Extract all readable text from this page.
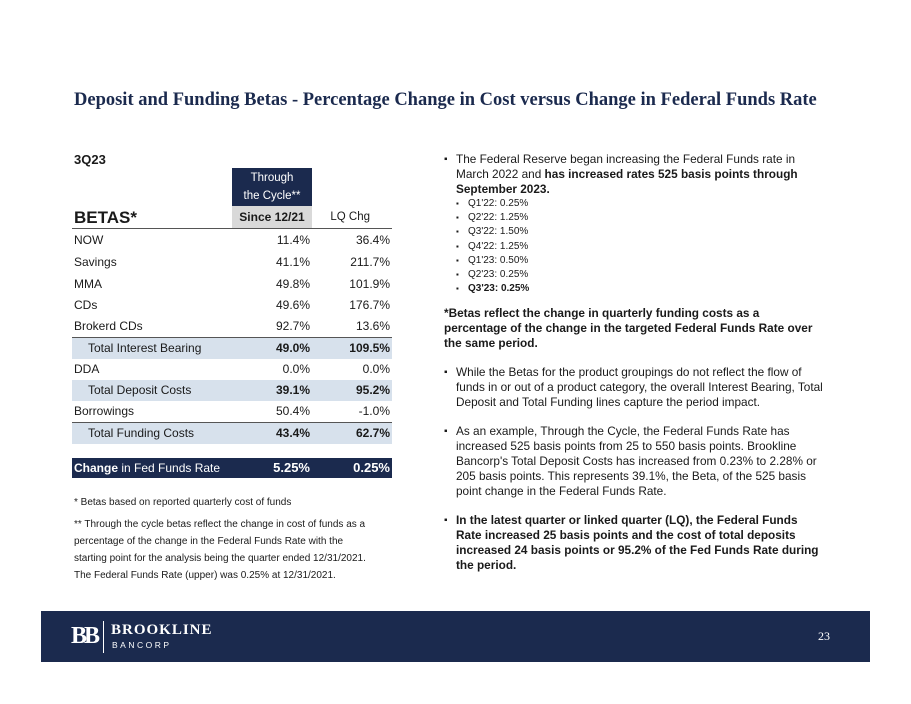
Deposit and Funding Betas - Percentage Change in Cost versus Change in Federal Funds Rate
3Q23
Through
the Cycle**
BETAS*	Since 12/21	LQ Chg
NOW	11.4%	36.4%
Savings	41.1%	211.7%
MMA	49.8%	101.9%
CDs	49.6%	176.7%
Brokerd CDs	92.7%	13.6%
Total Interest Bearing	49.0%	109.5%
DDA	0.0%	0.0%
Total Deposit Costs	39.1%	95.2%
Borrowings	50.4%	-1.0%
Total Funding Costs	43.4%	62.7%
Change in Fed Funds Rate	5.25%	0.25%
* Betas based on reported quarterly cost of funds
** Through the cycle betas reflect the change in cost of funds as a
percentage of the change in the Federal Funds Rate with the
starting point for the analysis being the quarter ended 12/31/2021.
The Federal Funds Rate (upper) was 0.25% at 12/31/2021.
▪ The Federal Reserve began increasing the Federal Funds rate in March 2022 and has increased rates 525 basis points through September 2023.
▪ Q1'22: 0.25%
▪ Q2'22: 1.25%
▪ Q3'22: 1.50%
▪ Q4'22: 1.25%
▪ Q1'23: 0.50%
▪ Q2'23: 0.25%
▪ Q3'23: 0.25%
*Betas reflect the change in quarterly funding costs as a percentage of the change in the targeted Federal Funds Rate over the same period.
▪ While the Betas for the product groupings do not reflect the flow of funds in or out of a product category, the overall Interest Bearing, Total Deposit and Total Funding lines capture the period impact.
▪ As an example, Through the Cycle, the Federal Funds Rate has increased 525 basis points from 25 to 550 basis points. Brookline Bancorp's Total Deposit Costs has increased from 0.23% to 2.28% or 205 basis points. This represents 39.1%, the Beta, of the 525 basis point change in the Federal Funds Rate.
▪ In the latest quarter or linked quarter (LQ), the Federal Funds Rate increased 25 basis points and the cost of total deposits increased 24 basis points or 95.2% of the Fed Funds Rate during the period.
BB BROOKLINE
BANCORP
23
